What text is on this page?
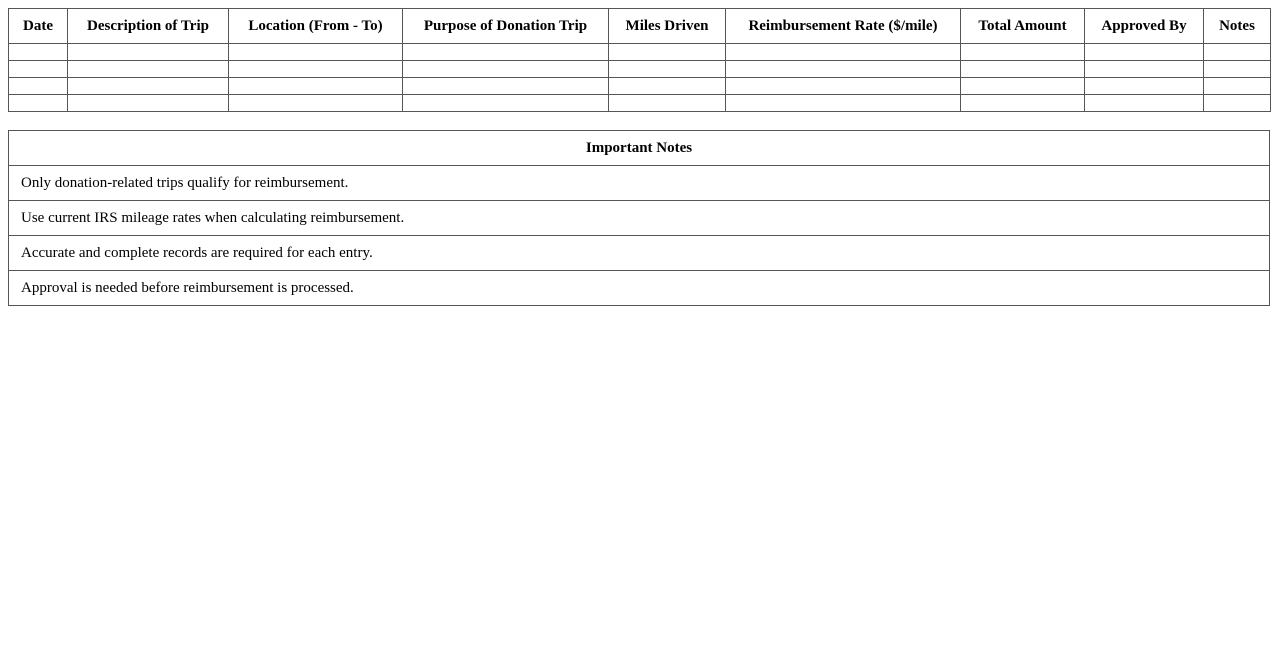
Date	Description of Trip	Location (From - To)	Purpose of Donation Trip	Miles Driven	Reimbursement Rate ($/mile)	Total Amount	Approved By	Notes

Important Notes
Only donation-related trips qualify for reimbursement.
Use current IRS mileage rates when calculating reimbursement.
Accurate and complete records are required for each entry.
Approval is needed before reimbursement is processed.
